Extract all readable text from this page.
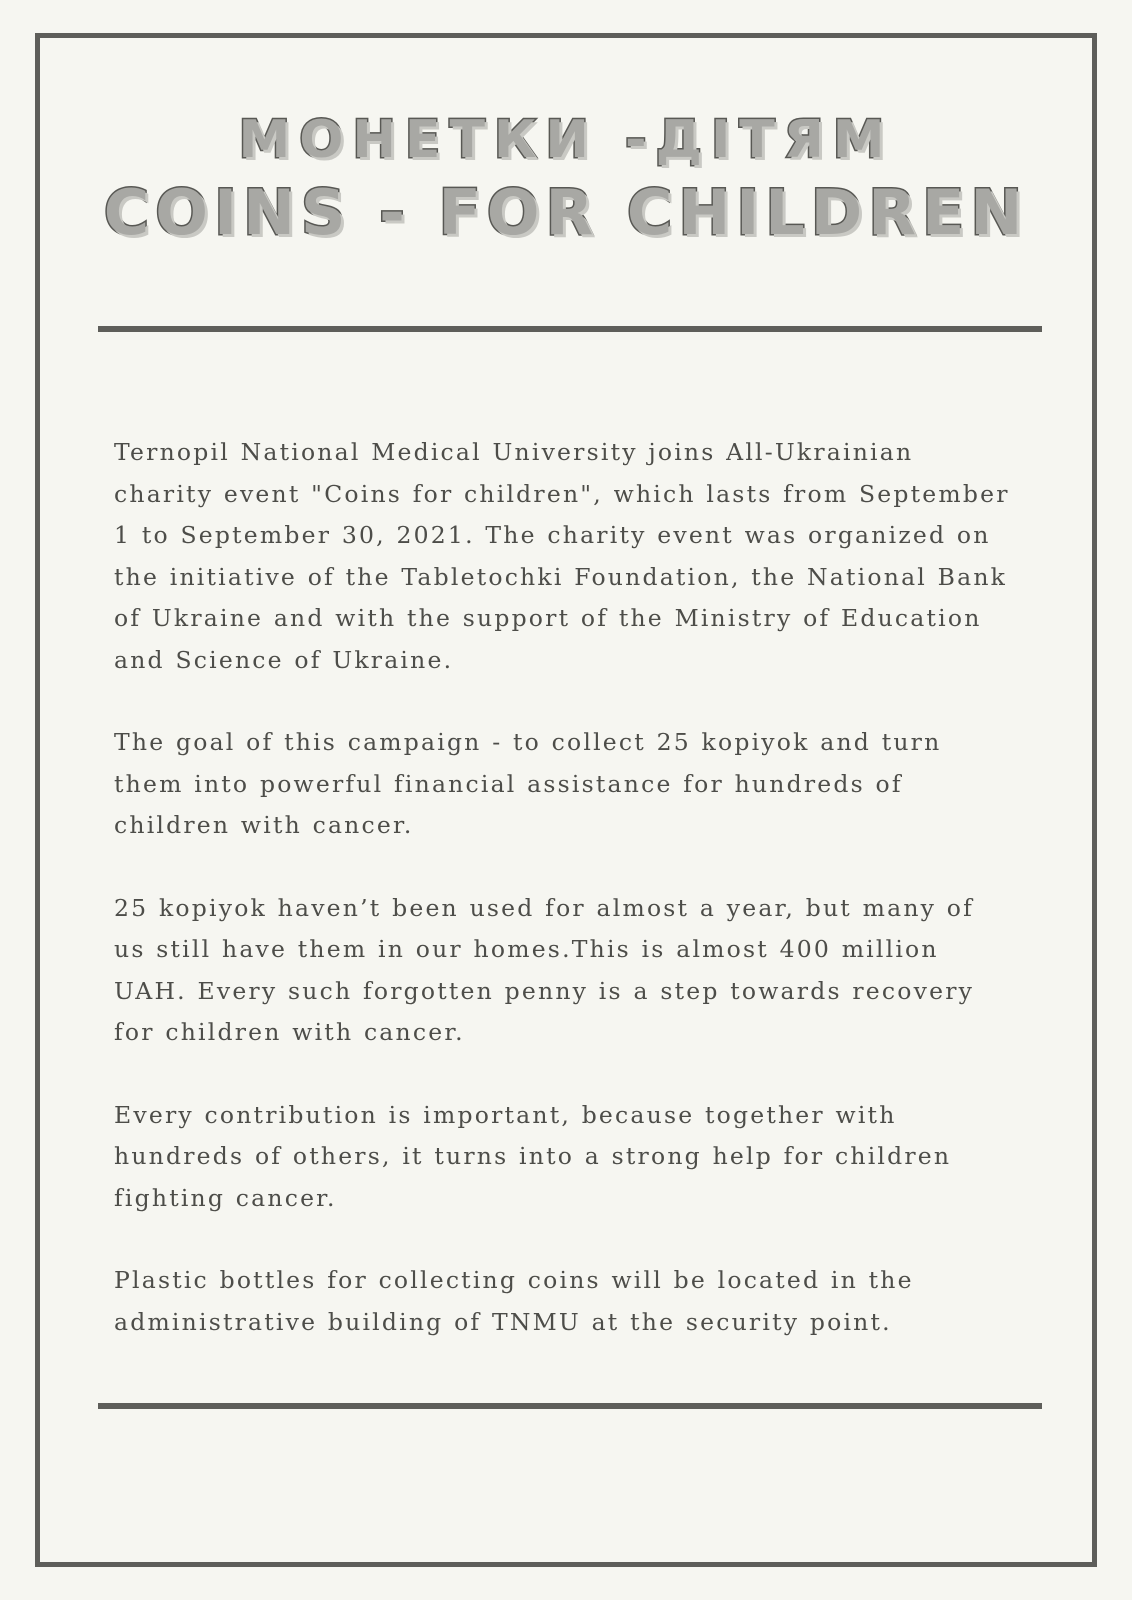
МОНЕТКИ -ДІТЯМ
COINS - FOR CHILDREN

Ternopil National Medical University joins All-Ukrainian charity event "Coins for children", which lasts from September 1 to September 30, 2021. The charity event was organized on the initiative of the Tabletochki Foundation, the National Bank of Ukraine and with the support of the Ministry of Education and Science of Ukraine.

The goal of this campaign - to collect 25 kopiyok and turn them into powerful financial assistance for hundreds of children with cancer.

25 kopiyok haven’t been used for almost a year, but many of us still have them in our homes.This is almost 400 million UAH. Every such forgotten penny is a step towards recovery for children with cancer.

Every contribution is important, because together with hundreds of others, it turns into a strong help for children fighting cancer.

Plastic bottles for collecting coins will be located in the administrative building of TNMU at the security point.
